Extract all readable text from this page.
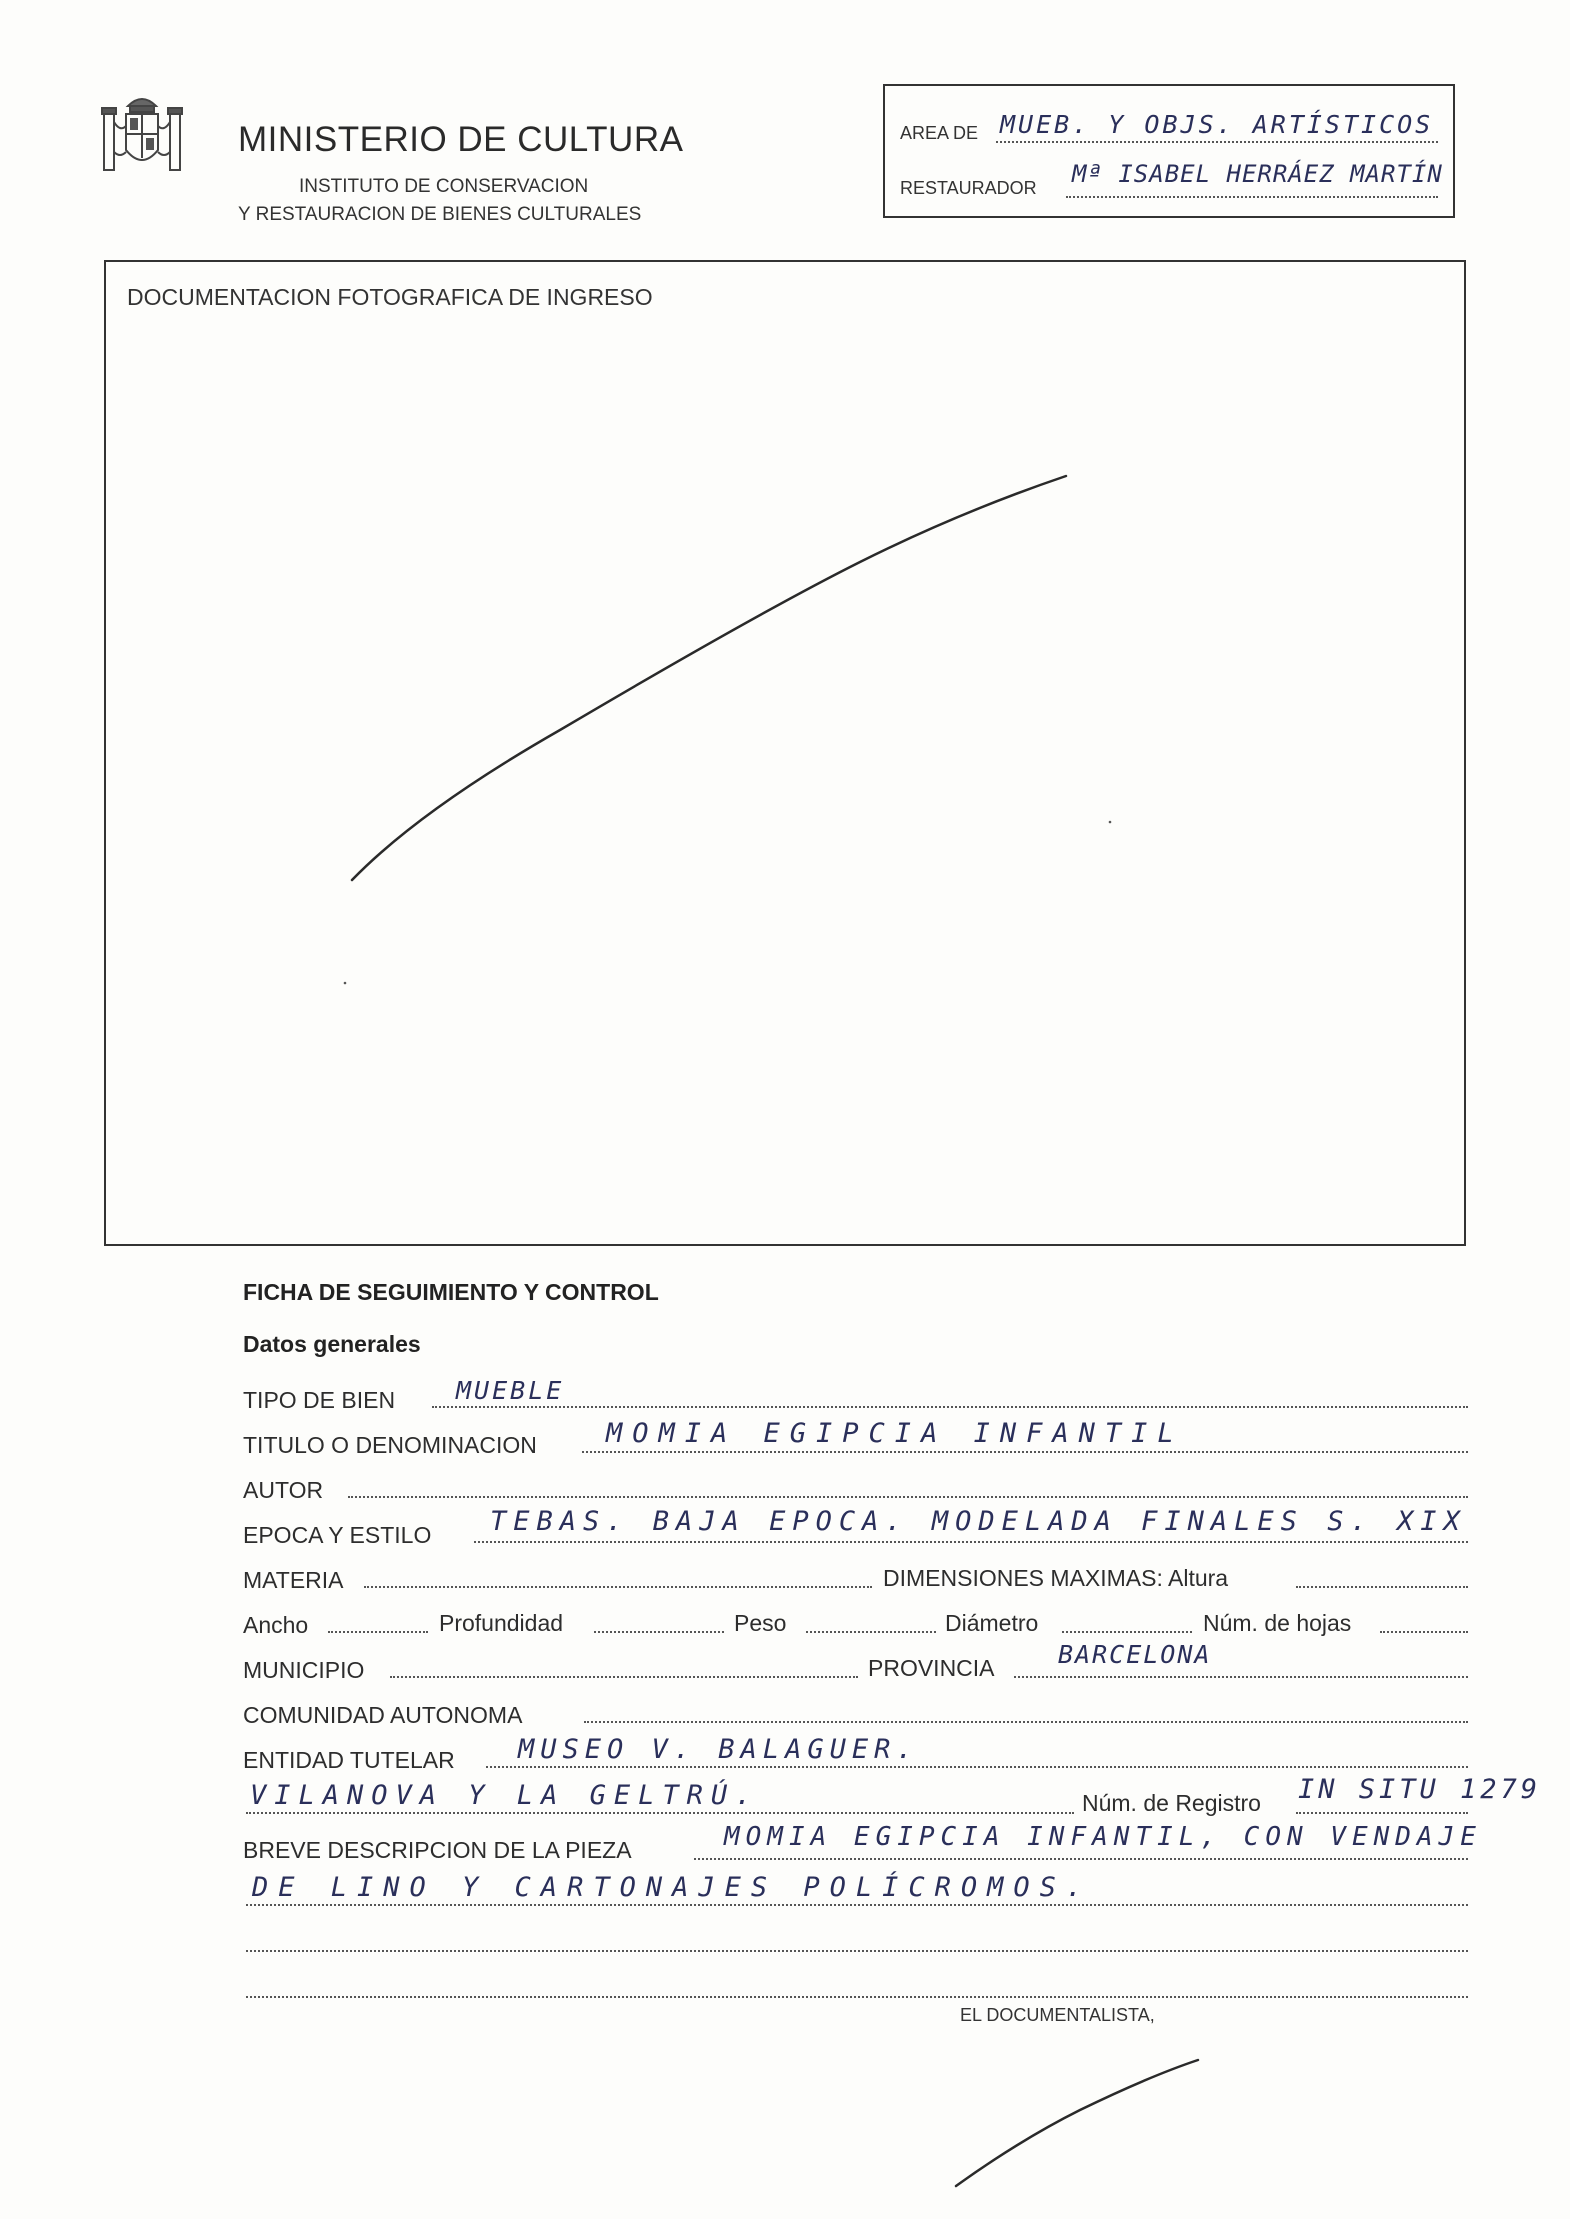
MINISTERIO DE CULTURA
INSTITUTO DE CONSERVACION
Y RESTAURACION DE BIENES CULTURALES
AREA DE MUEB. Y OBJS. ARTÍSTICOS
RESTAURADOR Mª ISABEL HERRÁEZ MARTÍN
DOCUMENTACION FOTOGRAFICA DE INGRESO
FICHA DE SEGUIMIENTO Y CONTROL
Datos generales
TIPO DE BIEN MUEBLE
TITULO O DENOMINACION	MOMIA EGIPCIA INFANTIL
AUTOR
EPOCA Y ESTILO TEBAS. BAJA EPOCA. MODELADA FINALES S. XIX
MATERIA	DIMENSIONES MAXIMAS: Altura
Ancho	Profundidad	Peso	Diámetro	Núm. de hojas
MUNICIPIO	PROVINCIA	BARCELONA
COMUNIDAD AUTONOMA
ENTIDAD TUTELAR MUSEO V. BALAGUER.
VILANOVA Y LA GELTRÚ.	Núm. de Registro IN SITU 1279
BREVE DESCRIPCION DE LA PIEZA	MOMIA EGIPCIA INFANTIL, CON VENDAJE
DE LINO Y CARTONAJES POLÍCROMOS.
EL DOCUMENTALISTA,
